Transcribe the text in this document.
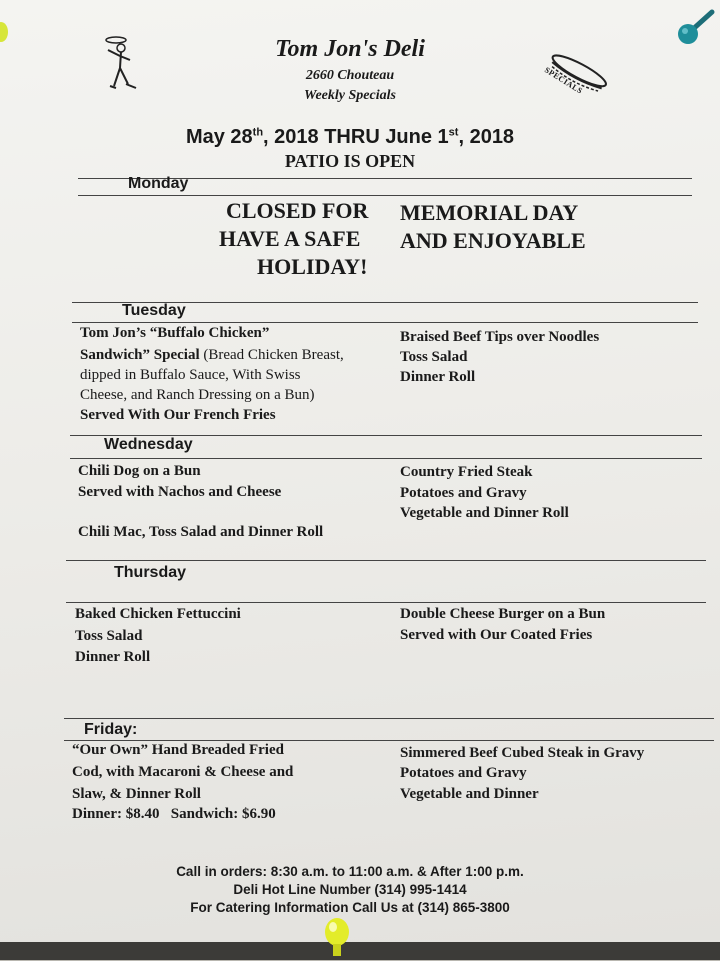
SPECIALS
Tom Jon's Deli
2660 Chouteau
Weekly Specials
May 28th, 2018 THRU June 1st, 2018
PATIO IS OPEN
Monday
CLOSED FOR
HAVE A SAFE
HOLIDAY!
MEMORIAL DAY
AND ENJOYABLE
Tuesday
Tom Jon’s “Buffalo Chicken”
Sandwich” Special (Bread Chicken Breast,
dipped in Buffalo Sauce, With Swiss
Cheese, and Ranch Dressing on a Bun)
Served With Our French Fries
Braised Beef Tips over Noodles
Toss Salad
Dinner Roll
Wednesday
Chili Dog on a Bun
Served with Nachos and Cheese
Chili Mac, Toss Salad and Dinner Roll
Country Fried Steak
Potatoes and Gravy
Vegetable and Dinner Roll
Thursday
Baked Chicken Fettuccini
Toss Salad
Dinner Roll
Double Cheese Burger on a Bun
Served with Our Coated Fries
Friday:
“Our Own” Hand Breaded Fried
Cod, with Macaroni & Cheese and
Slaw, & Dinner Roll
Dinner: $8.40   Sandwich: $6.90
Simmered Beef Cubed Steak in Gravy
Potatoes and Gravy
Vegetable and Dinner
Call in orders: 8:30 a.m. to 11:00 a.m. & After 1:00 p.m.
Deli Hot Line Number (314) 995-1414
For Catering Information Call Us at (314) 865-3800
